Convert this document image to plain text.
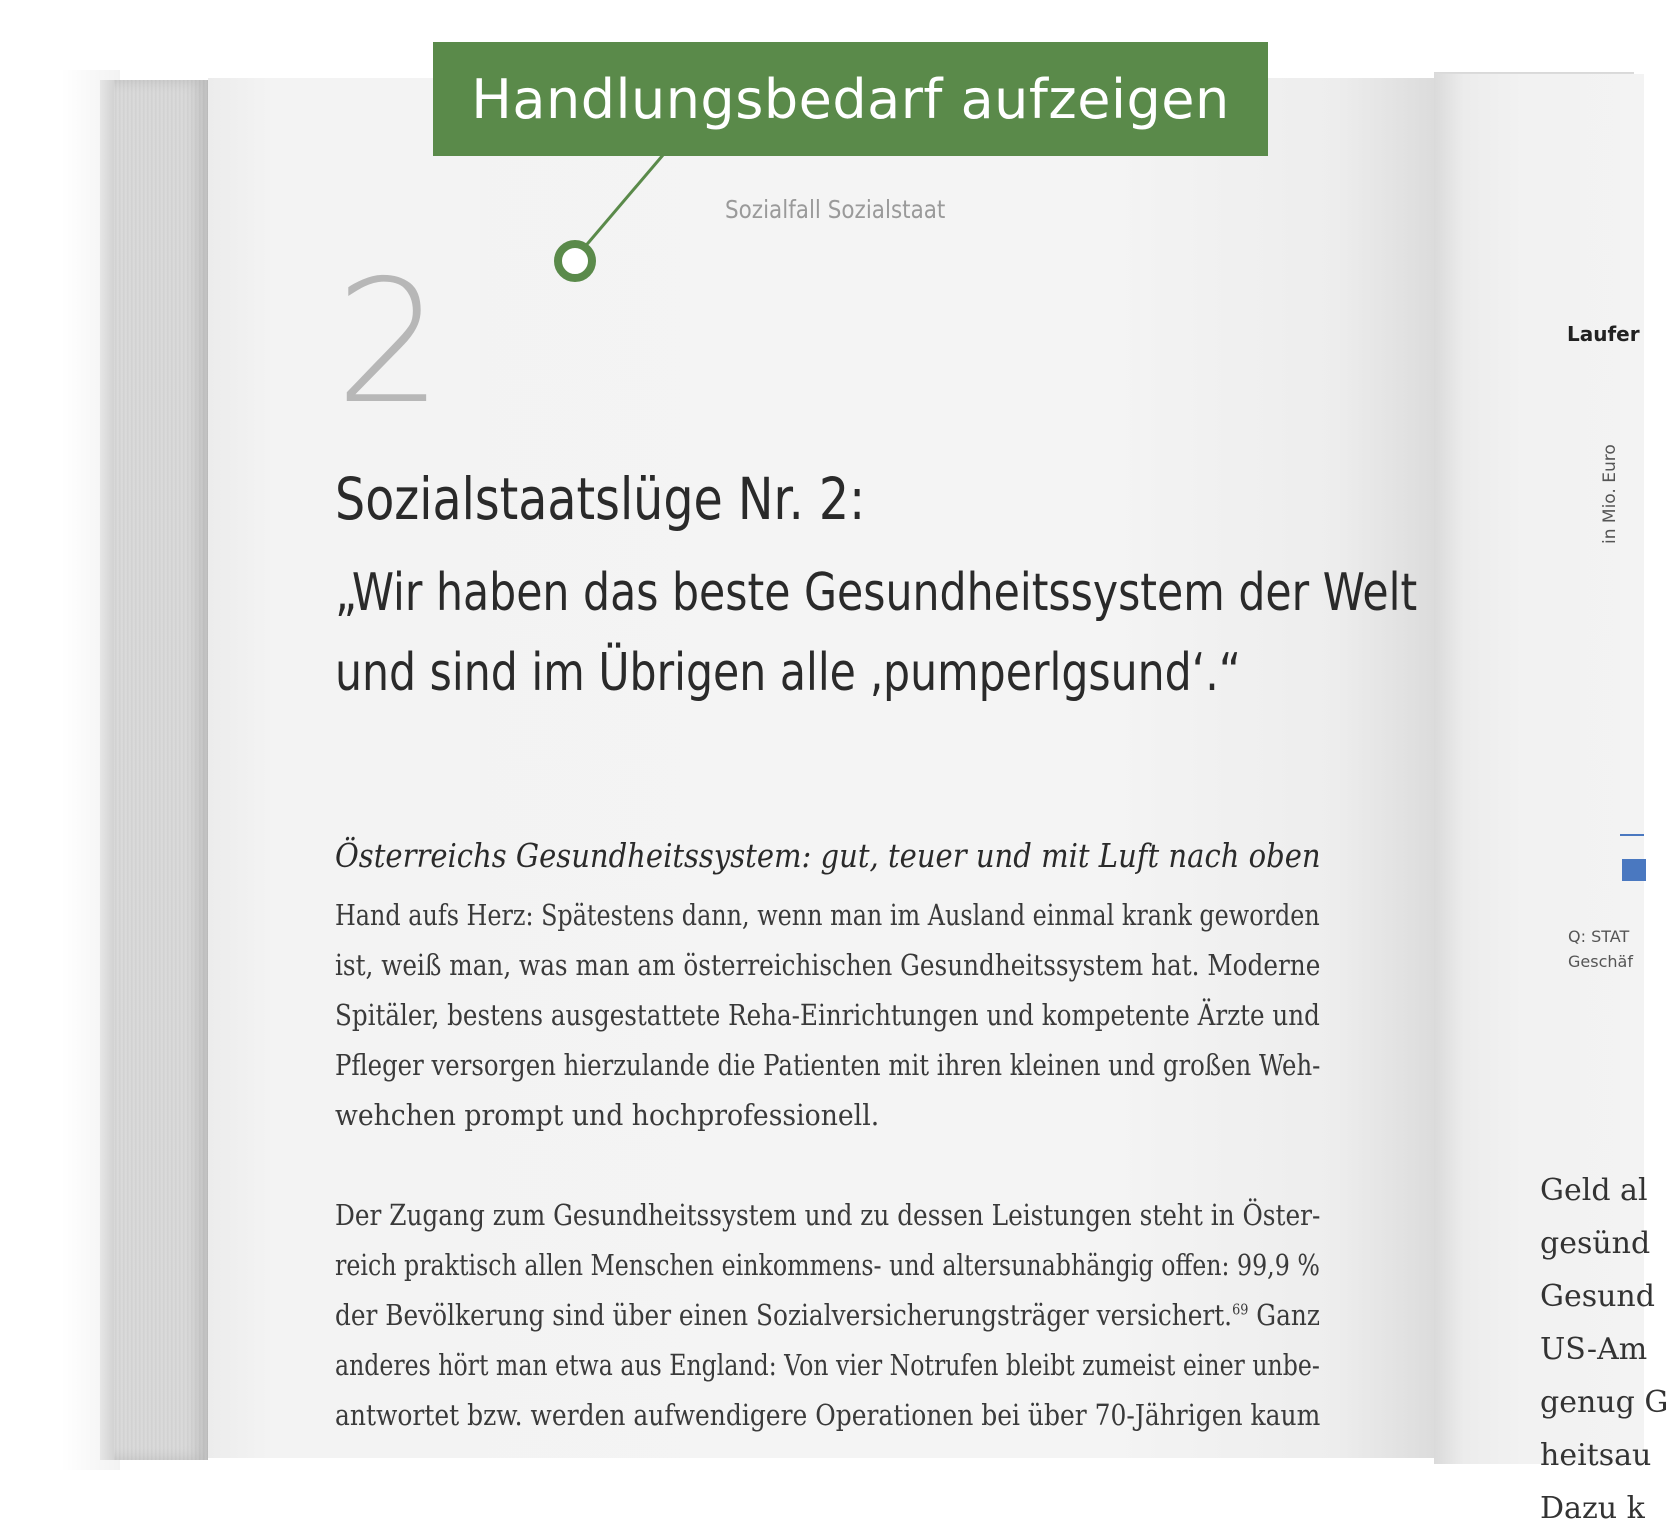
Laufer
in Mio. Euro
Q: STAT
Geschäf
Geld al
gesünd
Gesund
US-Am
genug G
heitsau
Dazu k
Sozialfall Sozialstaat
2
Sozialstaatslüge Nr. 2:
„Wir haben das beste Gesundheitssystem der Welt
und sind im Übrigen alle ‚pumperlgsund‘.“
Österreichs Gesundheitssystem: gut, teuer und mit Luft nach oben
Hand aufs Herz: Spätestens dann, wenn man im Ausland einmal krank geworden
ist, weiß man, was man am österreichischen Gesundheitssystem hat. Moderne
Spitäler, bestens ausgestattete Reha-Einrichtungen und kompetente Ärzte und
Pfleger versorgen hierzulande die Patienten mit ihren kleinen und großen Weh-
wehchen prompt und hochprofessionell.
Der Zugang zum Gesundheitssystem und zu dessen Leistungen steht in Öster-
reich praktisch allen Menschen einkommens- und altersunabhängig offen: 99,9 %
der Bevölkerung sind über einen Sozialversicherungsträger versichert.$^{69}$ Ganz
anderes hört man etwa aus England: Von vier Notrufen bleibt zumeist einer unbe-
antwortet bzw. werden aufwendigere Operationen bei über 70-Jährigen kaum
Handlungsbedarf aufzeigen
